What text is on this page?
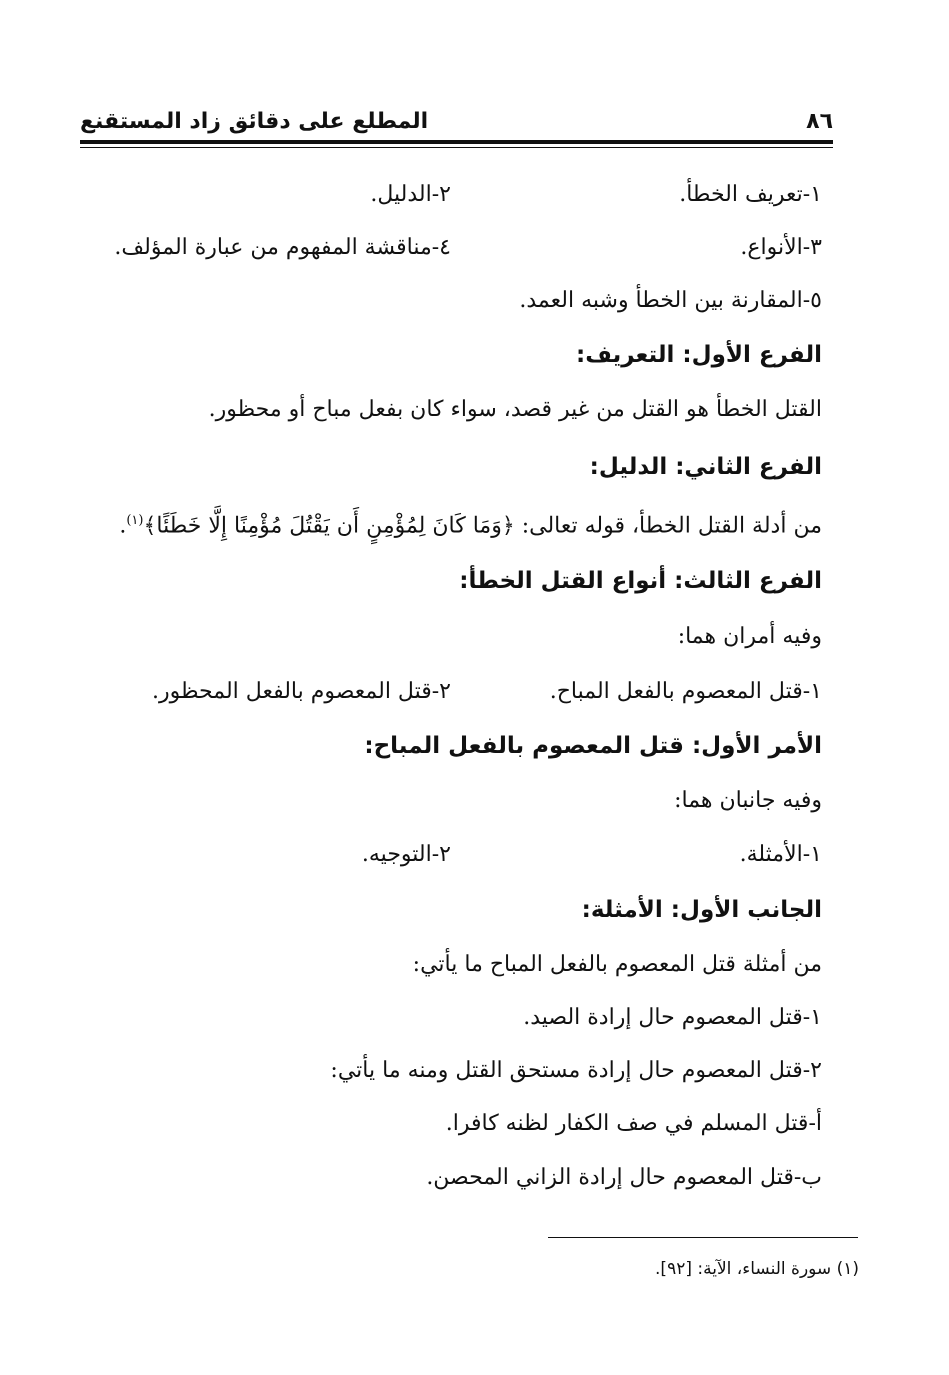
٨٦
المطلع على دقائق زاد المستقنع
١-تعريف الخطأ.
٢-الدليل.
٣-الأنواع.
٤-مناقشة المفهوم من عبارة المؤلف.
٥-المقارنة بين الخطأ وشبه العمد.
الفرع الأول: التعريف:
القتل الخطأ هو القتل من غير قصد، سواء كان بفعل مباح أو محظور.
الفرع الثاني: الدليل:
من أدلة القتل الخطأ، قوله تعالى: ﴿وَمَا كَانَ لِمُؤْمِنٍ أَن يَقْتُلَ مُؤْمِنًا إِلَّا خَطَئًا﴾$^{(١)}$.
الفرع الثالث: أنواع القتل الخطأ:
وفيه أمران هما:
١-قتل المعصوم بالفعل المباح.
٢-قتل المعصوم بالفعل المحظور.
الأمر الأول: قتل المعصوم بالفعل المباح:
وفيه جانبان هما:
١-الأمثلة.
٢-التوجيه.
الجانب الأول: الأمثلة:
من أمثلة قتل المعصوم بالفعل المباح ما يأتي:
١-قتل المعصوم حال إرادة الصيد.
٢-قتل المعصوم حال إرادة مستحق القتل ومنه ما يأتي:
أ-قتل المسلم في صف الكفار لظنه كافرا.
ب-قتل المعصوم حال إرادة الزاني المحصن.
(١) سورة النساء، الآية: [٩٢].
